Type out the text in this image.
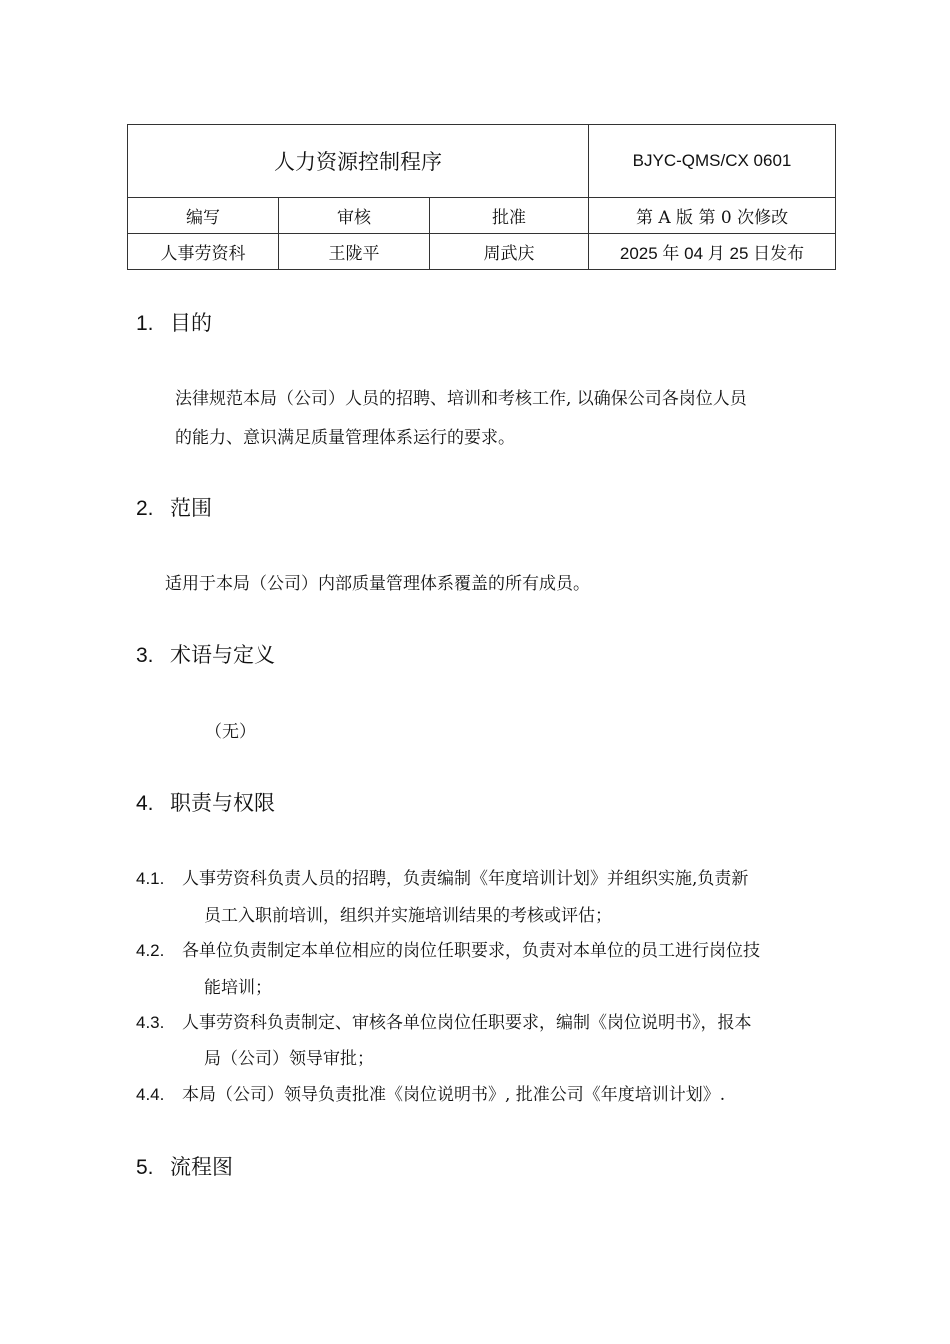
人力资源控制程序			BJYC-QMS/CX 0601
编写	审核	批准	第 A 版 第 0 次修改
人事劳资科	王陇平	周武庆	2025 年 04 月 25 日发布
1. 目的
法律规范本局（公司）人员的招聘、培训和考核工作, 以确保公司各岗位人员
的能力、意识满足质量管理体系运行的要求。
2. 范围
适用于本局（公司）内部质量管理体系覆盖的所有成员。
3. 术语与定义
（无）
4. 职责与权限
4.1. 人事劳资科负责人员的招聘，负责编制《年度培训计划》并组织实施,负责新
员工入职前培训，组织并实施培训结果的考核或评估；
4.2. 各单位负责制定本单位相应的岗位任职要求，负责对本单位的员工进行岗位技
能培训；
4.3. 人事劳资科负责制定、审核各单位岗位任职要求，编制《岗位说明书》，报本
局（公司）领导审批；
4.4. 本局（公司）领导负责批准《岗位说明书》, 批准公司《年度培训计划》.
5. 流程图
